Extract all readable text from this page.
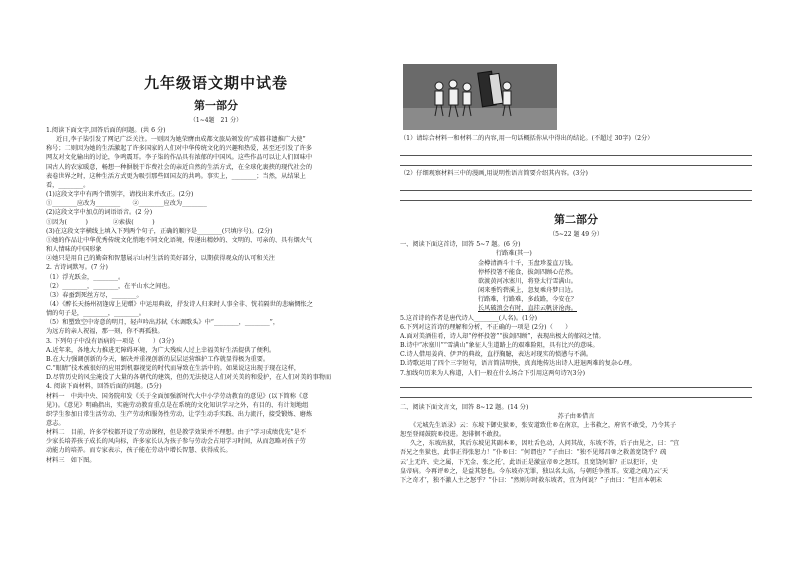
九年级语文期中试卷
第一部分
（1~4题　21 分）
1.阅读下面文字,回答后面的问题。(共 6 分)
近日,李子柒引发了网记广泛关注。一则因为她荣膺由成都文旅局颁发的“成都非遗推广大使”
称号；二则因为她的生活激起了许多国家的人们对中华传统文化的兴趣和热爱，甚至还引发了许多
网友对文化输出的讨论，争鸣震耳。李子柒的作品具有浓郁的中国风。这些作品可以让人们回味中
国古人的农家暖意，畅想一种摒脱干诈费社会的亲近自然的生活方式，在全球化裹挟的现代社会的
表卷世界之时，这种生活方式更为吸引那些回国友的共鸣。事实上，________；当然，从结果上
看，________。
(1)这段文字中有两个错别字，请找出来并改正。(2分)
①________应改为________　　②________应改为________
(2)这段文字中加点的词语语音。(2 分)
①因为(　　　)　　　　②索拔(　　　)
(3)在这段文字横线上填入下列两个句子，正确的顺序是________(只填序号)。(2分)
①她的作品让中华优秀传统文化悄地不同文化语境，传递出精妙的、文明的、可亲的、具有烟火气
和人情味的中国形象
②她只是用自己的勤奋和智慧展示山村生活的美好部分，以期获得观众的认可和关注
2. 古诗词默写。(7 分)
（1）浮光跃金，________。
（2）________，________，在平山水之间也。
（3）春蚕到死丝方尽，________。
（4）《醉长天扬州初逢席上见赠》中运用典故，抒发诗人归来时人事全非、恍若隔世的悲痛惆怅之
情的句子是，________，________。
（5）和塑致空中寄意的明月，轻声吟出苏轼《水调歌头》中“________，________”，
为远方的亲人祝福，那一刻，你不再孤独。
3. 下列句子中没有语病的一项是（　　）(3分)
A.近年来，各地大力推进无障碍环境，为广大残疾人过上幸福美好生活提供了便利。
B.在大力强调创新的今天，解决并重视创新的层层运营维护工作就显得极为重要。
C.“眼睛”技术被很好的应用到机器视觉的时代而导致在生活中的。如果说这出现于现在这样，
D.尽管历史的风尘淹没了大量的各朝代的建筑，但仍无法使这人们对关美的和爱护，在人们对美的事物而
4. 阅读下面材料，回答后面的问题。(5分)
材料一　中共中央、国务院印发《关于全面加强新时代大中小学劳动教育的意见》(以下简称《意
见》)。《意见》明确指出，实施劳动教育重点是在系统的文化知识学习之外，有目的、有计划地组
织学生参加日常生活劳动、生产劳动和服务性劳动，让学生动手实践、出力流汗，接受锻炼、磨炼
意志。
材料二　目前，许多学校都开设了劳动课程，但是教学效果并不理想。由于“学习成绩优先”是不
少家长培养孩子成长的风向标，许多家长认为孩子参与劳动会占用学习时间，从而忽略对孩子劳
动能力的培养。而专家表示，孩子能在劳动中增长智慧、获得成长。
材料三　如下图。
（1）请综合材料一和材料二的内容,用一句话概括你从中得出的结论。(不超过 30字)（2分）
（2）仔细观察材料三中的漫画,用说明性语言简要介绍其内容。(3分)
第二部分
（5~22 题 49 分）
一、阅读下面这首诗，回答 5~7 题。(6 分)
行路难(其一)
金樽清酒斗十千，玉盘珍羞直万钱。
停杯投箸不能食，拔剑四顾心茫然。
欲渡黄河冰塞川，将登太行雪满山。
闲来垂钓碧溪上，忽复乘舟梦日边。
行路难，行路难，多歧路，今安在？
长风破浪会有时，直挂云帆济沧海。
5.这首诗的作者是唐代诗人________(人名)。(1分)
6.下列对这首诗的理解和分析，不正确的一项是 (2分)（　　）
A.面对美酒佳肴，诗人却“停杯投箸”“拔剑四顾”，表现出极大的郁闷之情。
B.诗中“冰塞川”“雪满山”象征人生道路上的艰难险阻，具有比兴的意味。
C.诗人借用姜尚、伊尹的典故，直抒胸臆，表达对现实的愤懑与不满。
D.诗歌运用了四个三字短句，语言简洁明快，真真地传达出诗人进退两难的复杂心理。
7.加线句历来为人称道，人们一般在什么场合下引用这两句诗?(3分)
二、阅读下面文言文，回答 8~12 题。(14 分)
苏子由®借言
《元城先生语录》云：东坡下御史狱®，张安道致仕®在南京，上书救之，府官不敢受，乃令其子
恕至登闻鼓院®投进。恕徘徊不敢投。
久之，东坡出狱，其后东坡见其副本®，因吐舌色动，人问其故，东坡不答，后子由见之，曰：“宜
吾兄之坐狱也，此事正得张恕力！”仆®曰：“何谓也？”子由曰：“独不见郑昌®之救盖宽饶乎？疏
云‘上无许、史之属，下无金、张之托’，此语正是激宣帝®之怒耳。且宽饶何罪？正以犯讦，史
皇帝病。今再评®之，是益其怒也。今东坡亦无罪，独以名太高，与朝廷争胜耳。安道之疏乃云‘天
下之奇才’，独不激人主之怒乎？”仆曰：“然则尔时救东坡者，宜为何说？”子由曰：“但言本朝未
